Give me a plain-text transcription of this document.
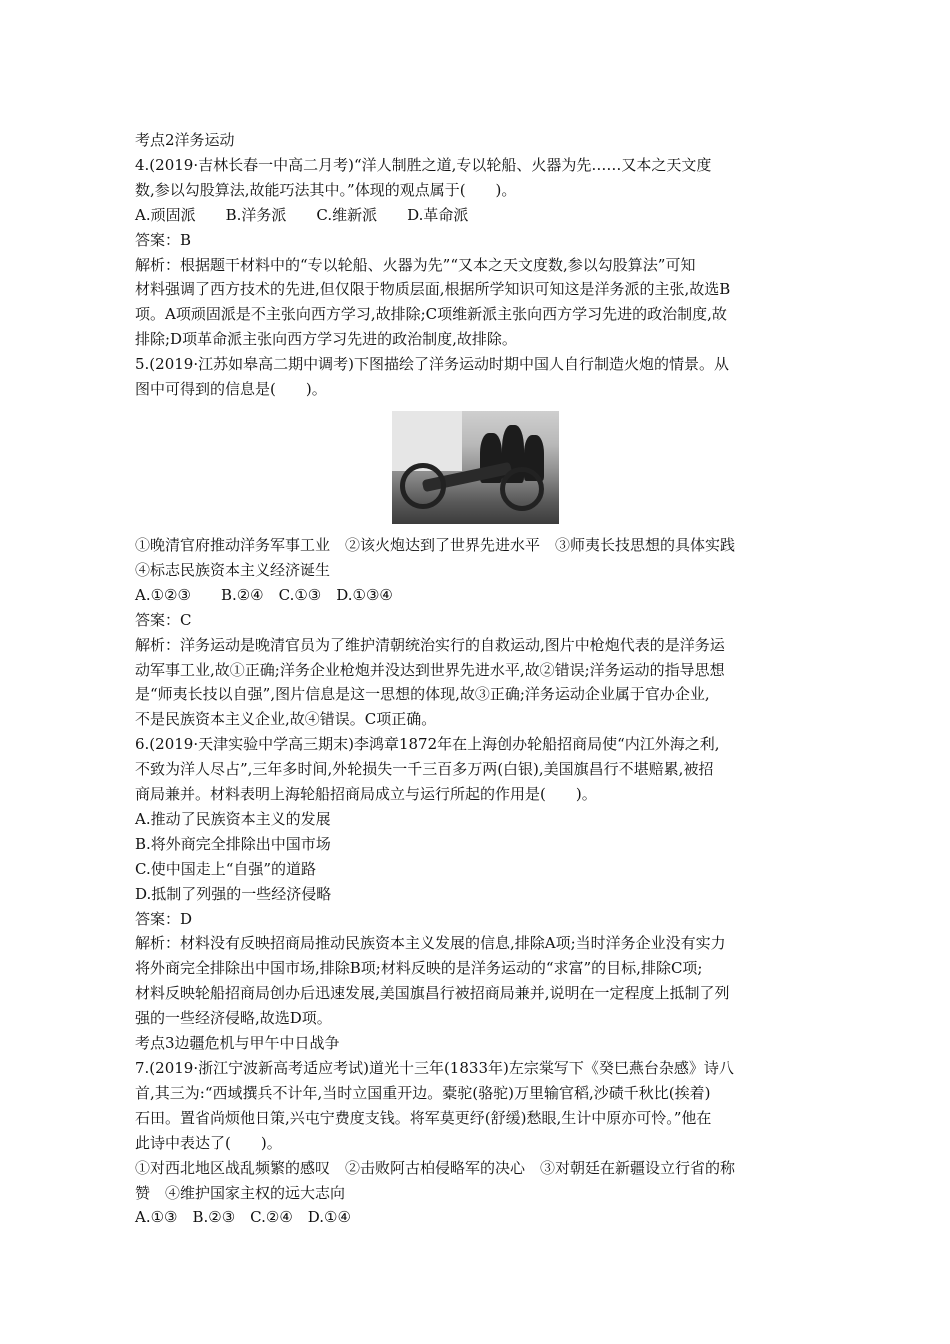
考点2洋务运动

4.(2019·吉林长春一中高二月考)“洋人制胜之道,专以轮船、火器为先……又本之天文度

数,参以勾股算法,故能巧法其中。”体现的观点属于(　　)。

A.顽固派　　B.洋务派　　C.维新派　　D.革命派

答案：B

解析：根据题干材料中的“专以轮船、火器为先”“又本之天文度数,参以勾股算法”可知

材料强调了西方技术的先进,但仅限于物质层面,根据所学知识可知这是洋务派的主张,故选B

项。A项顽固派是不主张向西方学习,故排除;C项维新派主张向西方学习先进的政治制度,故

排除;D项革命派主张向西方学习先进的政治制度,故排除。

5.(2019·江苏如皋高二期中调考)下图描绘了洋务运动时期中国人自行制造火炮的情景。从

图中可得到的信息是(　　)。

①晚清官府推动洋务军事工业　②该火炮达到了世界先进水平　③师夷长技思想的具体实践

④标志民族资本主义经济诞生

A.①②③　　B.②④　C.①③　D.①③④

答案：C

解析：洋务运动是晚清官员为了维护清朝统治实行的自救运动,图片中枪炮代表的是洋务运

动军事工业,故①正确;洋务企业枪炮并没达到世界先进水平,故②错误;洋务运动的指导思想

是“师夷长技以自强”,图片信息是这一思想的体现,故③正确;洋务运动企业属于官办企业,

不是民族资本主义企业,故④错误。C项正确。

6.(2019·天津实验中学高三期末)李鸿章1872年在上海创办轮船招商局使“内江外海之利,

不致为洋人尽占”,三年多时间,外轮损失一千三百多万两(白银),美国旗昌行不堪赔累,被招

商局兼并。材料表明上海轮船招商局成立与运行所起的作用是(　　)。

A.推动了民族资本主义的发展

B.将外商完全排除出中国市场

C.使中国走上“自强”的道路

D.抵制了列强的一些经济侵略

答案：D

解析：材料没有反映招商局推动民族资本主义发展的信息,排除A项;当时洋务企业没有实力

将外商完全排除出中国市场,排除B项;材料反映的是洋务运动的“求富”的目标,排除C项;

材料反映轮船招商局创办后迅速发展,美国旗昌行被招商局兼并,说明在一定程度上抵制了列

强的一些经济侵略,故选D项。

考点3边疆危机与甲午中日战争

7.(2019·浙江宁波新高考适应考试)道光十三年(1833年)左宗棠写下《癸巳燕台杂感》诗八

首,其三为:“西域撰兵不计年,当时立国重开边。橐驼(骆驼)万里输官稻,沙碛千秋比(挨着)

石田。置省尚烦他日策,兴屯宁费度支钱。将军莫更纾(舒缓)愁眼,生计中原亦可怜。”他在

此诗中表达了(　　)。

①对西北地区战乱频繁的感叹　②击败阿古柏侵略军的决心　③对朝廷在新疆设立行省的称

赞　④维护国家主权的远大志向

A.①③　B.②③　C.②④　D.①④
